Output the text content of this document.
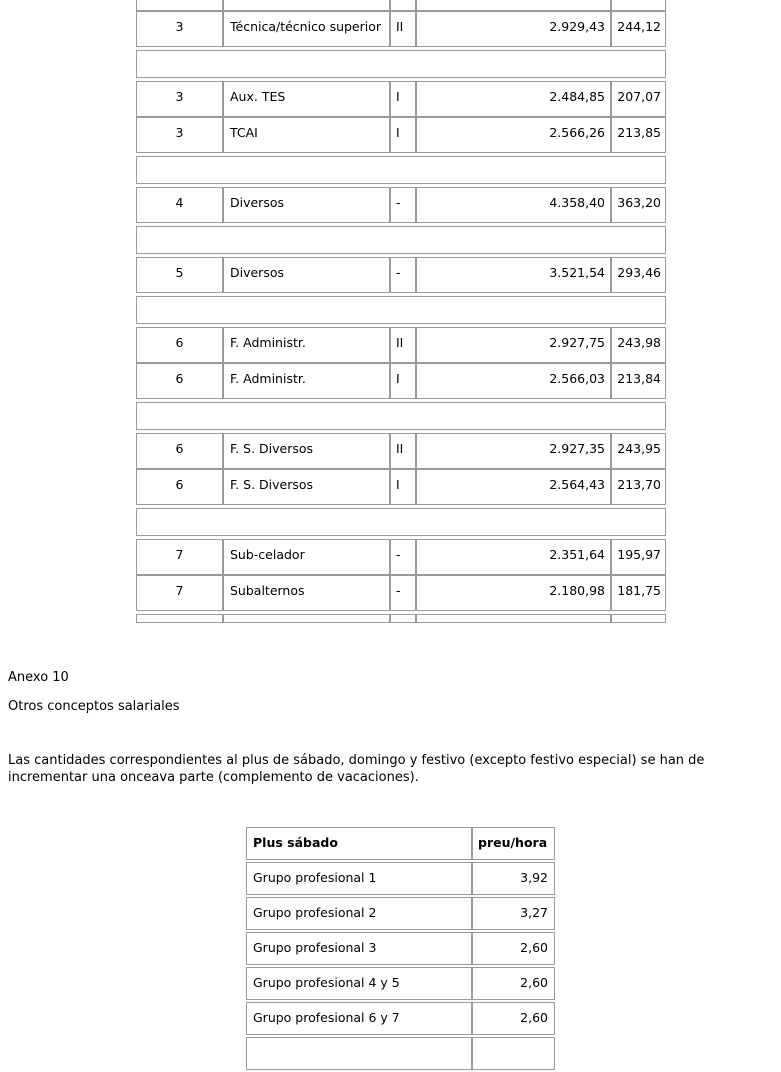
3	Técnica/técnico superior	II	2.929,43 244,12
3	Aux. TES	I	2.484,85 207,07
3	TCAI	I	2.566,26 213,85
4	Diversos	-	4.358,40 363,20
5	Diversos	-	3.521,54 293,46
6	F. Administr.	II	2.927,75 243,98
6	F. Administr.	I	2.566,03 213,84
6	F. S. Diversos	II	2.927,35 243,95
6	F. S. Diversos	I	2.564,43 213,70
7	Sub-celador	-	2.351,64 195,97
7	Subalternos	-	2.180,98 181,75
Anexo 10
Otros conceptos salariales
Las cantidades correspondientes al plus de sábado, domingo y festivo (excepto festivo especial) se han de
incrementar una onceava parte (complemento de vacaciones).
Plus sábado	preu/hora
Grupo profesional 1	3,92
Grupo profesional 2	3,27
Grupo profesional 3	2,60
Grupo profesional 4 y 5	2,60
Grupo profesional 6 y 7	2,60
